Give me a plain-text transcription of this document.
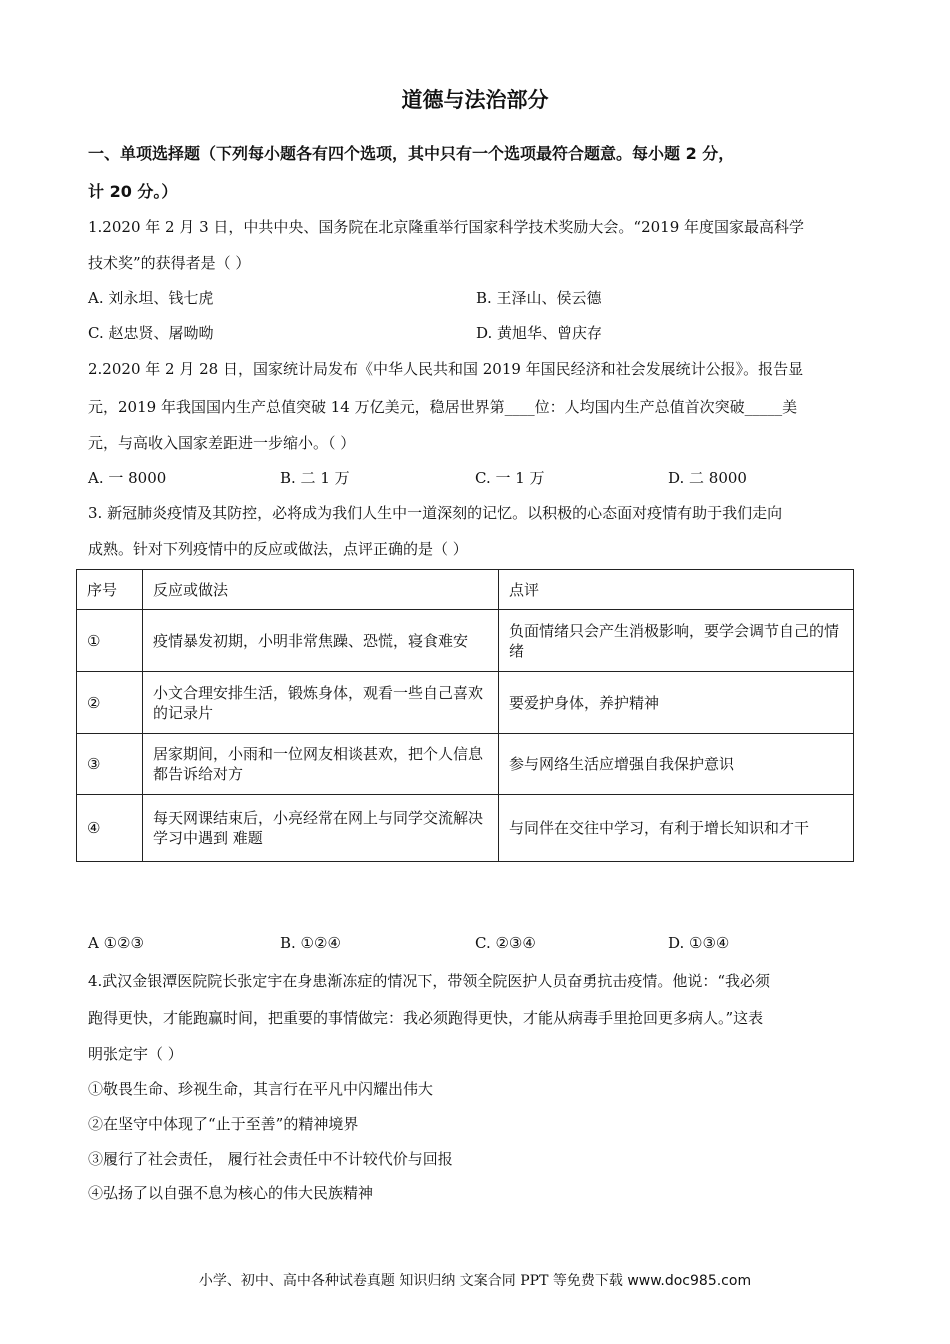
道德与法治部分

一、单项选择题（下列每小题各有四个选项，其中只有一个选项最符合题意。每小题 2 分，

计 20 分。）

1.2020 年 2 月 3 日，中共中央、国务院在北京隆重举行国家科学技术奖励大会。“2019 年度国家最高科学

技术奖”的获得者是（ ）

A. 刘永坦、钱七虎	B. 王泽山、侯云德

C. 赵忠贤、屠呦呦	D. 黄旭华、曾庆存

2.2020 年 2 月 28 日，国家统计局发布《中华人民共和国 2019 年国民经济和社会发展统计公报》。报告显

元，2019 年我国国内生产总值突破 14 万亿美元，稳居世界第____位：人均国内生产总值首次突破_____美

元，与高收入国家差距进一步缩小。（ ）

A. 一 8000	B. 二 1 万	C. 一 1 万	D. 二 8000

3. 新冠肺炎疫情及其防控，必将成为我们人生中一道深刻的记忆。以积极的心态面对疫情有助于我们走向

成熟。针对下列疫情中的反应或做法，点评正确的是（ ）

序号	反应或做法	点评
①	疫情暴发初期，小明非常焦躁、恐慌，寝食难安	负面情绪只会产生消极影响，要学会调节自己的情绪
②	小文合理安排生活，锻炼身体，观看一些自己喜欢的记录片	要爱护身体，养护精神
③	居家期间，小雨和一位网友相谈甚欢，把个人信息都告诉给对方	参与网络生活应增强自我保护意识
④	每天网课结束后，小亮经常在网上与同学交流解决学习中遇到 难题	与同伴在交往中学习，有利于增长知识和才干

A ①②③	B. ①②④	C. ②③④	D. ①③④

4.武汉金银潭医院院长张定宇在身患渐冻症的情况下，带领全院医护人员奋勇抗击疫情。他说：“我必须

跑得更快，才能跑赢时间，把重要的事情做完：我必须跑得更快，才能从病毒手里抢回更多病人。”这表

明张定宇（ ）

①敬畏生命、珍视生命，其言行在平凡中闪耀出伟大

②在坚守中体现了“止于至善”的精神境界

③履行了社会责任， 履行社会责任中不计较代价与回报

④弘扬了以自强不息为核心的伟大民族精神

小学、初中、高中各种试卷真题 知识归纳 文案合同 PPT 等免费下载 www.doc985.com
